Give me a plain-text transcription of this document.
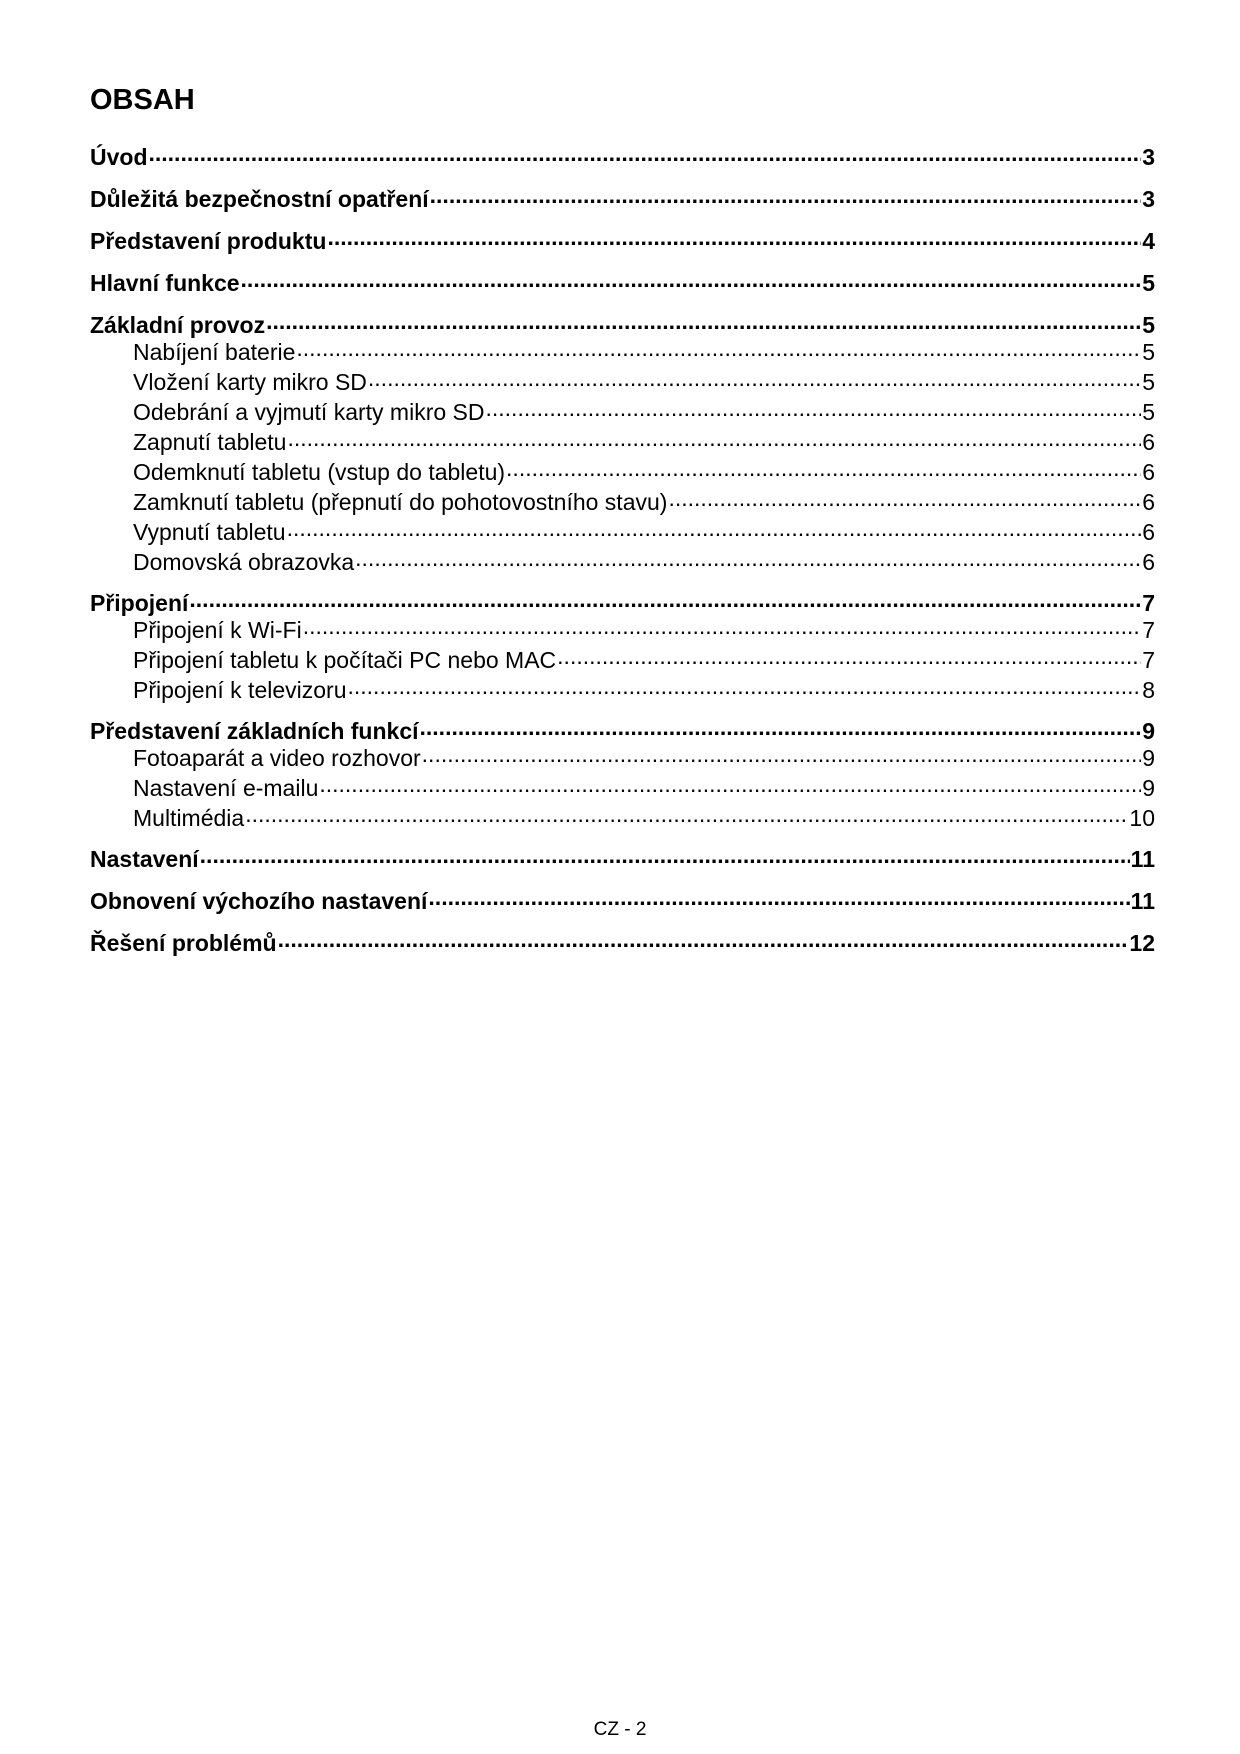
OBSAH
Úvod .....	3
Důležitá bezpečnostní opatření .....	3
Představení produktu .....	4
Hlavní funkce .....	5
Základní provoz .....	5
Nabíjení baterie .....	5
Vložení karty mikro SD .....	5
Odebrání a vyjmutí karty mikro SD .....	5
Zapnutí tabletu .....	6
Odemknutí tabletu (vstup do tabletu) .....	6
Zamknutí tabletu (přepnutí do pohotovostního stavu) .....	6
Vypnutí tabletu .....	6
Domovská obrazovka .....	6
Připojení .....	7
Připojení k Wi-Fi .....	7
Připojení tabletu k počítači PC nebo MAC .....	7
Připojení k televizoru .....	8
Představení základních funkcí .....	9
Fotoaparát a video rozhovor .....	9
Nastavení e-mailu .....	9
Multimédia .....	10
Nastavení .....	11
Obnovení výchozího nastavení .....	11
Řešení problémů .....	12
CZ - 2
